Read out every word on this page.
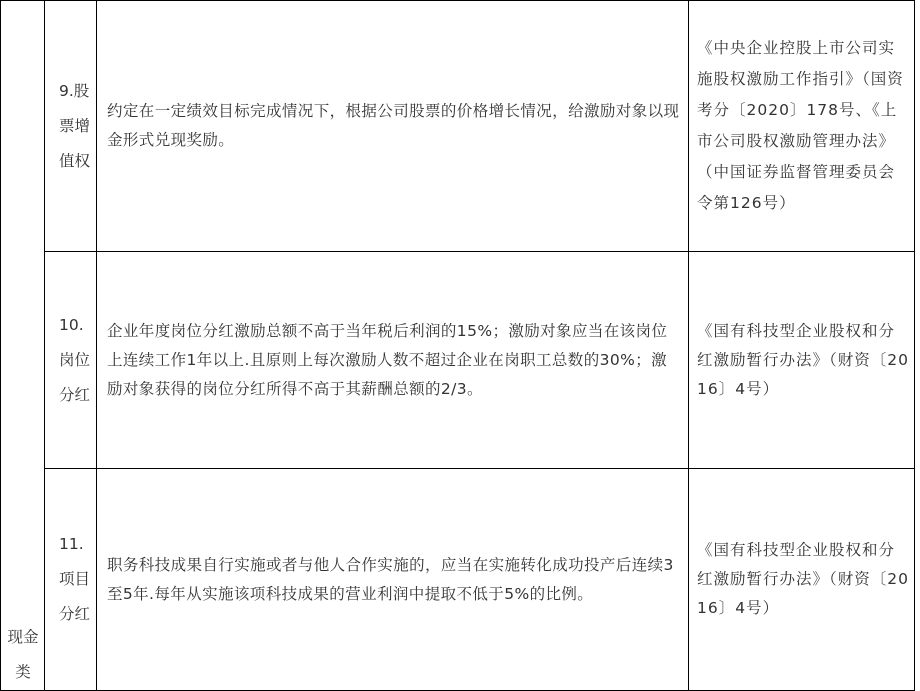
现金类	9.股票增值权	约定在一定绩效目标完成情况下，根据公司股票的价格增长情况，给激励对象以现金形式兑现奖励。	《中央企业控股上市公司实施股权激励工作指引》（国资考分〔2020〕178号、《上市公司股权激励管理办法》（中国证券监督管理委员会令第126号）

	10.岗位分红	企业年度岗位分红激励总额不高于当年税后利润的15%；激励对象应当在该岗位上连续工作1年以上.且原则上每次激励人数不超过企业在岗职工总数的30%；激励对象获得的岗位分红所得不高于其薪酬总额的2/3。	《国有科技型企业股权和分红激励暂行办法》（财资〔2016〕4号）

	11.项目分红	职务科技成果自行实施或者与他人合作实施的，应当在实施转化成功投产后连续3至5年.每年从实施该项科技成果的营业利润中提取不低于5%的比例。	《国有科技型企业股权和分红激励暂行办法》（财资〔2016〕4号）
